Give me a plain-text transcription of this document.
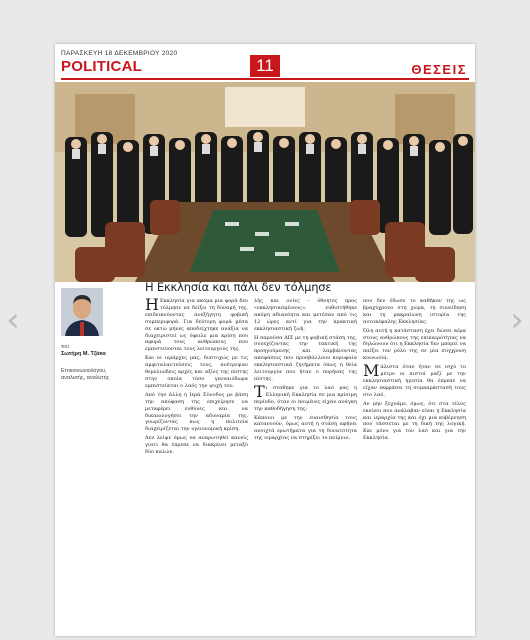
‹	›
ΠΑΡΑΣΚΕΥΗ 18 ΔΕΚΕΜΒΡΙΟΥ 2020
POLITICAL	11	ΘΕΣΕΙΣ
Η Εκκλησία και πάλι δεν τόλμησε
του
Σωτήρη Μ. Τζάκα
Επικοινωνιολόγου, αναλυτής, αναλυτής

ΗΕκκλησία για ακόμα μια φορά δεν τόλμησε να δείξει τη δύναμή της, επιδεικνύοντας ανεξήγητη φοβική συμπεριφορά. Για δεύτερη φορά μέσα σε οκτώ μήνες αποδείχτηκε ανάξια να διαχειριστεί ως όφειλε μια κρίση που αφορά τους ανθρώπους που εμπιστεύονται τους λειτουργούς της.

Και οι ιεράρχες μας, δυστυχώς με τις αμφιταλαντεύσεις τους, ανέτρεψαν θεμελιώδεις αρχές και αξίες της πίστης στην οποία τόσο γενναιόδωρα εμπιστεύεται ο λαός την ψυχή του.

Από την άλλη η Ιερά Σύνοδος με βάση την απόφαση της επιχείρησε να μεταφέρει ευθύνες και να δικαιολογήσει την αδυναμία της, γνωρίζοντας πως η πολιτεία διαχειρίζεται την υγειονομική κρίση.

Δεν λείψε όμως να αναρωτηθεί κανείς γιατί θα έπρεπε να διακρίνει μεταξύ δύο καλών.

λής και ονίες – όθνητες προς «εκκλησιασμένους», ευθιστήθηκε ακόμη αδιανόητα και μετέσαν από τις 12 ώρες αντί για την πρακτική εκκλησιαστική ζωή.

Η παρούσα ΔΙΣ με τη φοβική στάση της, συνεχίζοντας την τακτική της προηγούμενης και λαμβάνοντας αποφάσεις που προσβάλλουν κορυφαία εκκλησιαστικά ζητήματα όπως η θεία λειτουργία που ήταν ο πυρήνας της πίστης.

Τι σταθηκε για το λαό μας η Ελληνική Εκκλησία σε μια κρίσιμη περίοδο, όταν οι ποιμένες είχαν ανάγκη την καθοδήγηση της;

Κάποιοι με την ευαισθησία τους κατανοούν, όμως αυτή η στάση αφήνει ανοιχτά ερωτήματα για τη δυνατότητα της ιεραρχίας να στηρίξει το ποίμνιο.

που δεν έδωσε το καθήκον της ως βραχύχρονο στη χώρα, τη συνείδηση και τη μακραίωνη ιστορία της αυτοκέφαλης Εκκλησίας.

Όλη αυτή η κατάσταση έχει δώσει αέρα στους ανθρώπους της επικαιρότητας να δηλώνουν ότι η Εκκλησία δεν μπορεί να παίξει τον ρόλο της σε μια σύγχρονη κοινωνία.

Μάλιστα όταν ήταν σε ισχύ το μέτρο οι πιστοί μαζί με την εκκλησιαστική ηγεσία θα έπρεπε να είχαν εκφράσει τη συμπαράστασή τους στο λαό.

Αν μην ξεχνάμε, όμως, ότι στα τέλος εκείνοι που ανάλαβαν είναι η Εκκλησία και ιεραρχία της και όχι μια κυβέρνηση που τάσσεται με τη δική της λογική. Και μόνο για τον λαό και για την Εκκλησία.
